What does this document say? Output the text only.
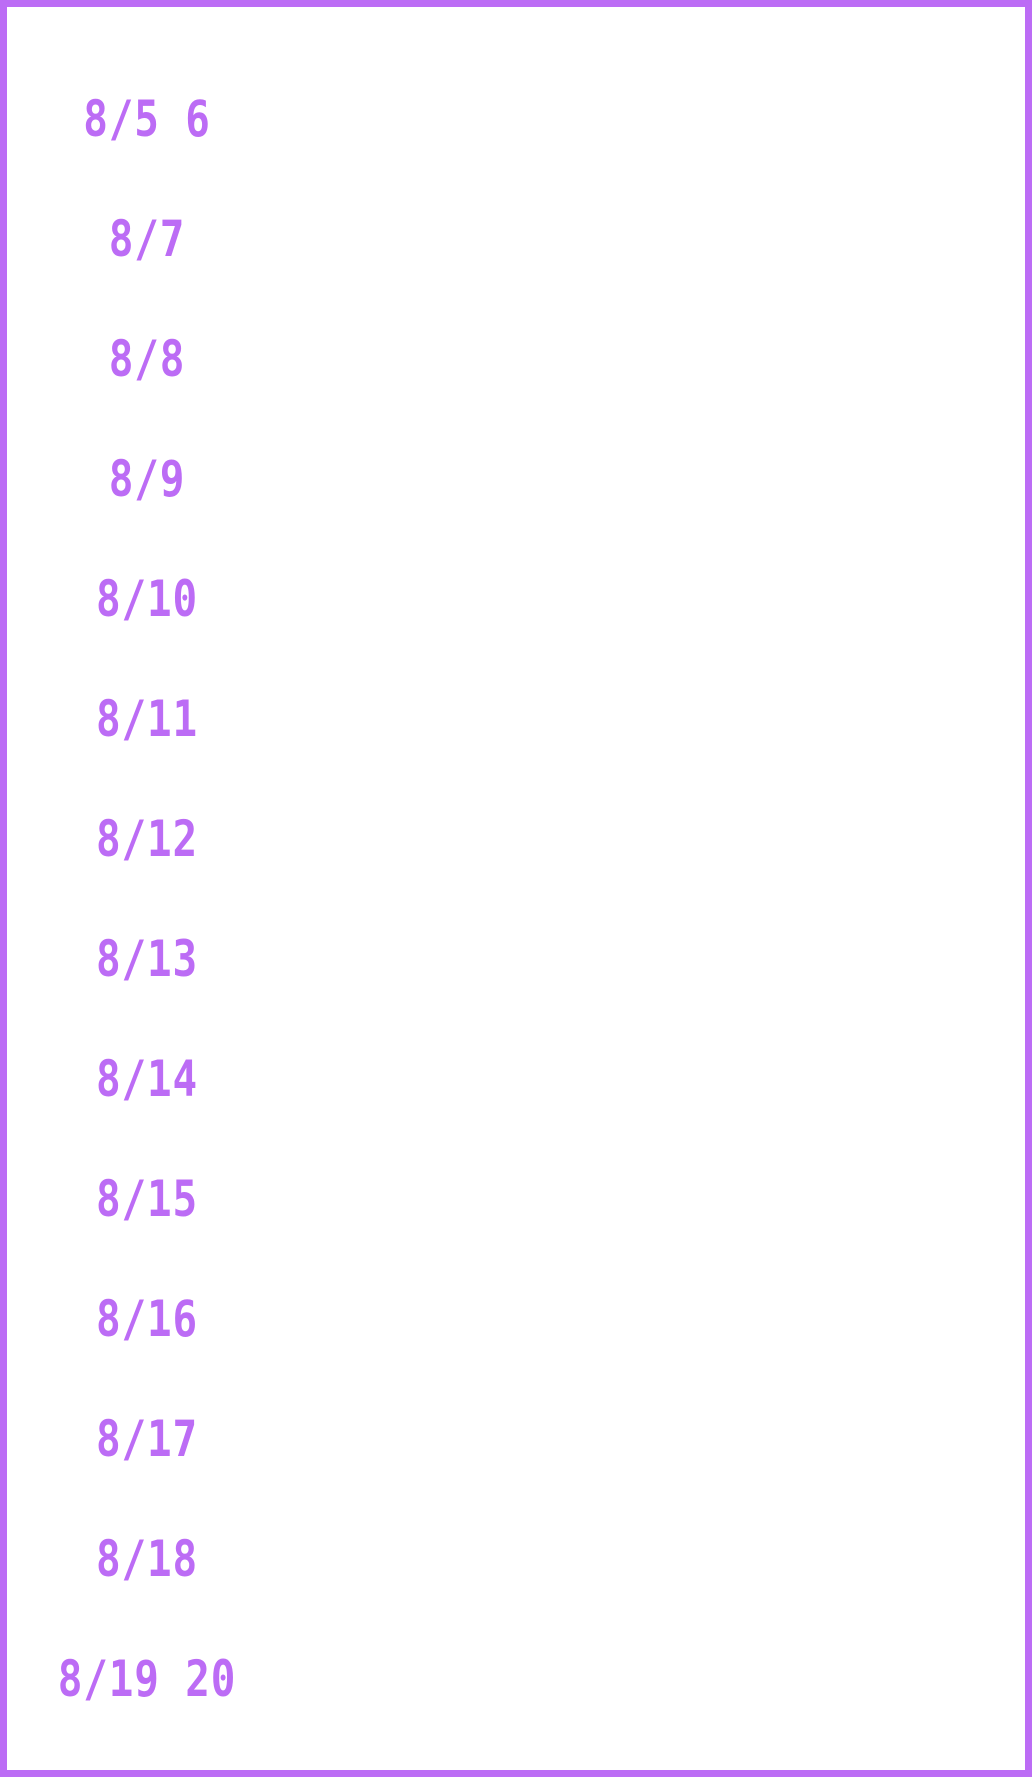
8/5 6
8/7
8/8
8/9
8/10
8/11
8/12
8/13
8/14
8/15
8/16
8/17
8/18
8/19 20
